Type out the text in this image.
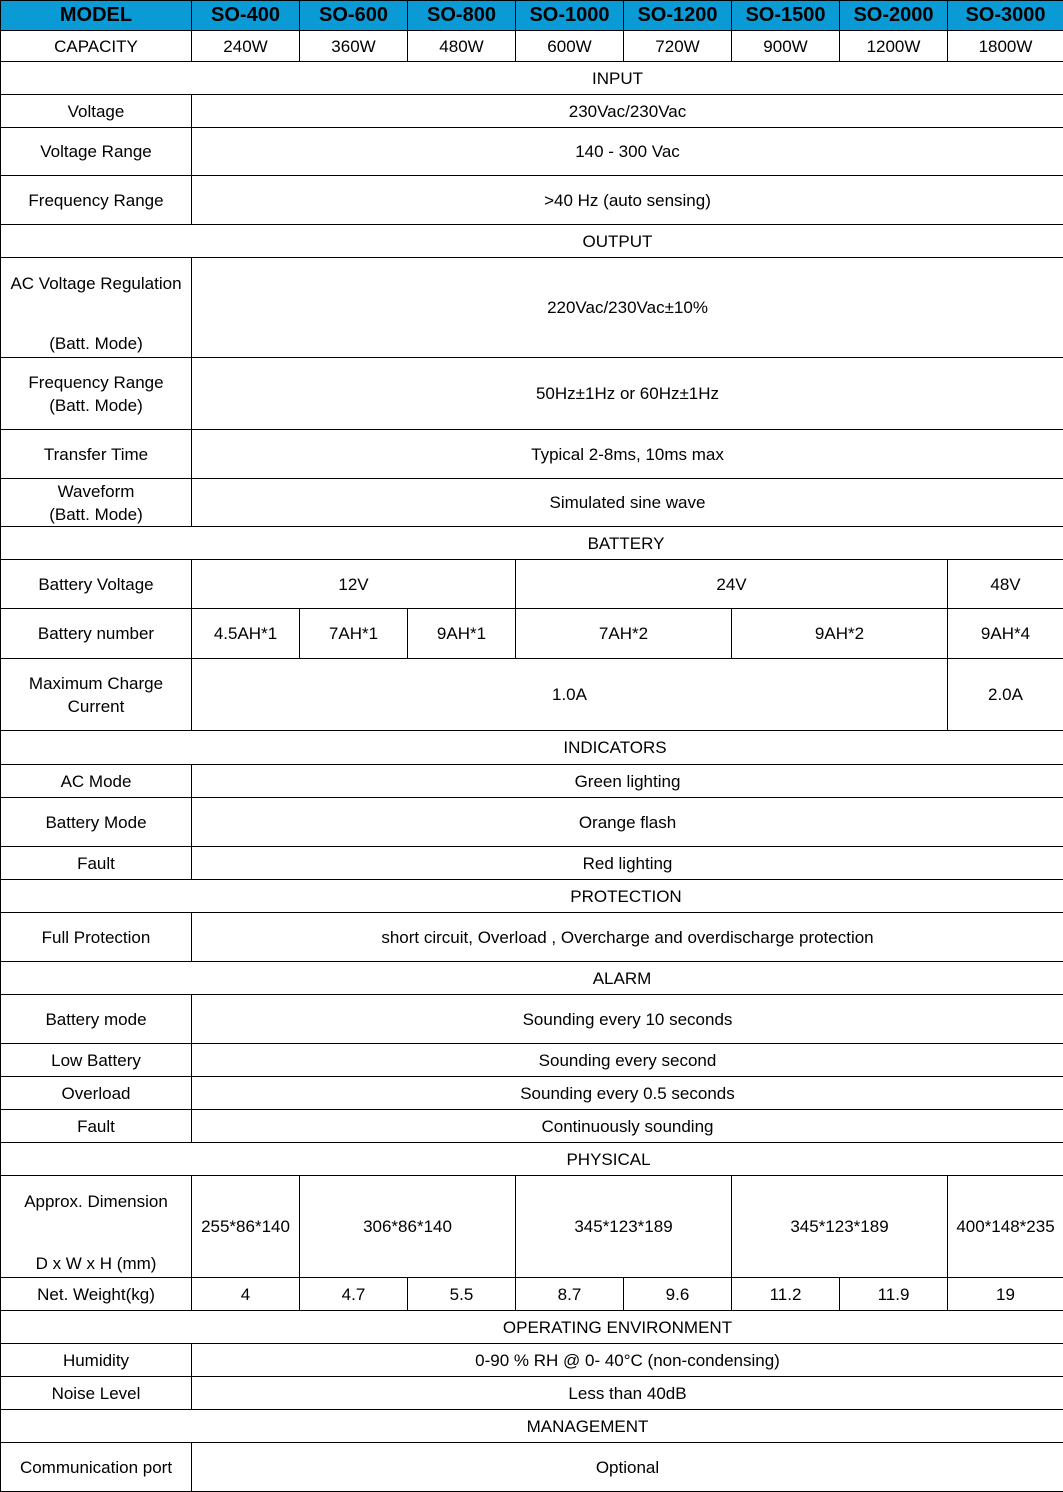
MODEL	SO-400	SO-600	SO-800	SO-1000	SO-1200	SO-1500	SO-2000	SO-3000
CAPACITY	240W	360W	480W	600W	720W	900W	1200W	1800W
INPUT								
Voltage	230Vac/230Vac							
Voltage Range	140 - 300 Vac							
Frequency Range	>40 Hz (auto sensing)							
OUTPUT								

AC Voltage Regulation
(Batt. Mode)	220Vac/230Vac±10%							

Frequency Range
(Batt. Mode)	50Hz±1Hz or 60Hz±1Hz							
Transfer Time	Typical 2-8ms, 10ms max							

Waveform
(Batt. Mode)	Simulated sine wave							
BATTERY								
Battery Voltage	12V			24V				48V
Battery number	4.5AH*1	7AH*1	9AH*1	7AH*2		9AH*2		9AH*4

Maximum Charge
Current	1.0A							2.0A
INDICATORS								
AC Mode	Green lighting							
Battery Mode	Orange flash							
Fault	Red lighting							
PROTECTION								
Full Protection	short circuit, Overload , Overcharge and overdischarge protection							
ALARM								
Battery mode	Sounding every 10 seconds							
Low Battery	Sounding every second							
Overload	Sounding every 0.5 seconds							
Fault	Continuously sounding							
PHYSICAL								

Approx. Dimension
D x W x H (mm)	255*86*140	306*86*140		345*123*189		345*123*189		400*148*235
Net. Weight(kg)	4	4.7	5.5	8.7	9.6	11.2	11.9	19
OPERATING ENVIRONMENT								
Humidity	0-90 % RH @ 0- 40°C (non-condensing)							
Noise Level	Less than 40dB							
MANAGEMENT								
Communication port	Optional							
